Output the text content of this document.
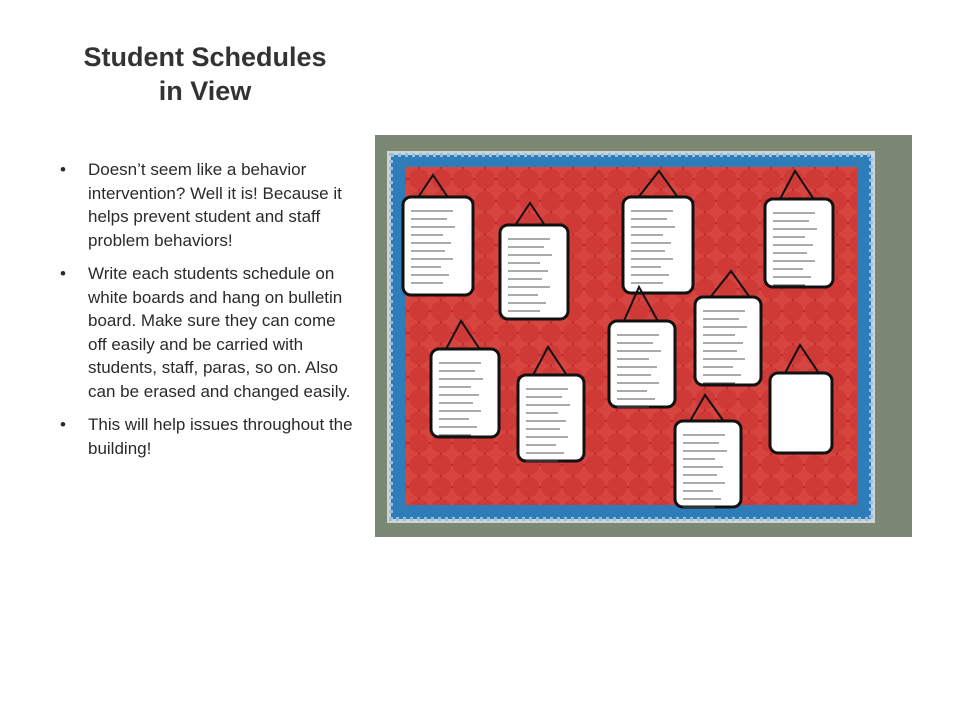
Student Schedules
in View
• Doesn’t seem like a behavior intervention? Well it is! Because it helps prevent student and staff problem behaviors!
• Write each students schedule on white boards and hang on bulletin board. Make sure they can come off easily and be carried with students, staff, paras, so on. Also can be erased and changed easily.
• This will help issues throughout the building!
